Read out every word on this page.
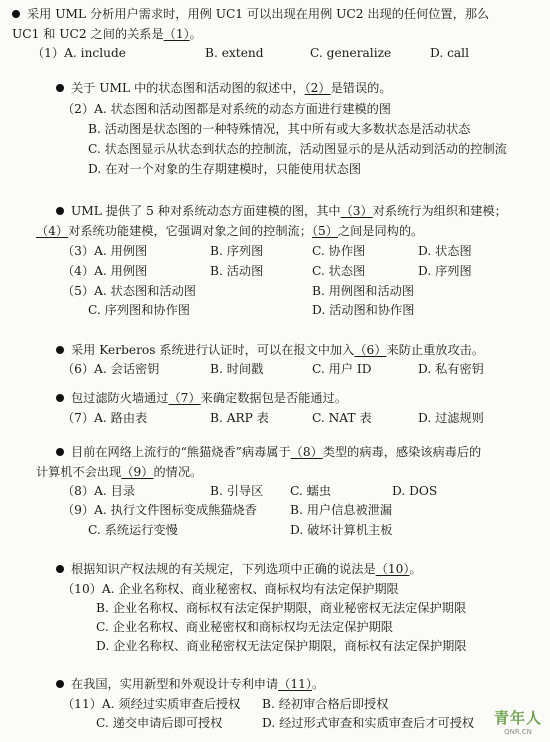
采用 UML 分析用户需求时，用例 UC1 可以出现在用例 UC2 出现的任何位置，那么
UC1 和 UC2 之间的关系是（1）。
（1）A. include	B. extend	C. generalize	D. call
关于 UML 中的状态图和活动图的叙述中，（2）是错误的。
（2）A. 状态图和活动图都是对系统的动态方面进行建模的图
B. 活动图是状态图的一种特殊情况，其中所有或大多数状态是活动状态
C. 状态图显示从状态到状态的控制流，活动图显示的是从活动到活动的控制流
D. 在对一个对象的生存期建模时，只能使用状态图
UML 提供了 5 种对系统动态方面建模的图，其中（3）对系统行为组织和建模；
（4）对系统功能建模，它强调对象之间的控制流；（5）之间是同构的。
（3）A. 用例图	B. 序列图	C. 协作图	D. 状态图
（4）A. 用例图	B. 活动图	C. 状态图	D. 序列图
（5）A. 状态图和活动图	B. 用例图和活动图
C. 序列图和协作图	D. 活动图和协作图
采用 Kerberos 系统进行认证时，可以在报文中加入（6）来防止重放攻击。
（6）A. 会话密钥	B. 时间戳	C. 用户 ID	D. 私有密钥
包过滤防火墙通过（7）来确定数据包是否能通过。
（7）A. 路由表	B. ARP 表	C. NAT 表	D. 过滤规则
目前在网络上流行的“熊猫烧香”病毒属于（8）类型的病毒，感染该病毒后的
计算机不会出现（9）的情况。
（8）A. 目录	B. 引导区 C. 蠕虫	D. DOS
（9）A. 执行文件图标变成熊猫烧香	B. 用户信息被泄漏
C. 系统运行变慢	D. 破坏计算机主板
根据知识产权法规的有关规定，下列选项中正确的说法是（10）。
（10）A. 企业名称权、商业秘密权、商标权均有法定保护期限
B. 企业名称权、商标权有法定保护期限，商业秘密权无法定保护期限
C. 企业名称权、商业秘密权和商标权均无法定保护期限
D. 企业名称权、商业秘密权无法定保护期限，商标权有法定保护期限
在我国，实用新型和外观设计专利申请（11）。
（11）A. 须经过实质审查后授权 B. 经初审合格后即授权
C. 递交申请后即可授权	D. 经过形式审查和实质审查后才可授权 青年人
QNR.CN
